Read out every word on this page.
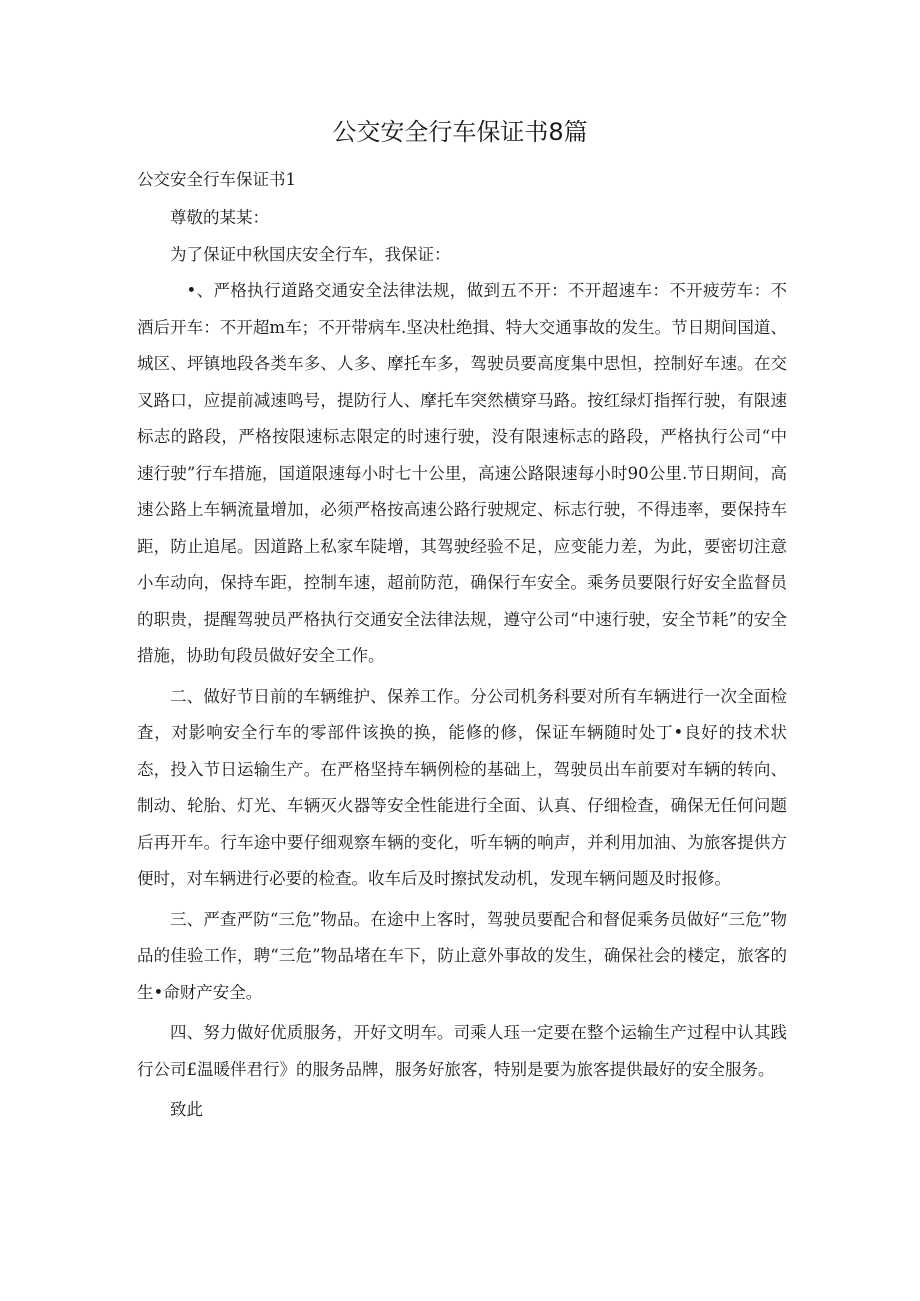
公交安全行车保证书8篇
公交安全行车保证书1

尊敬的某某：

为了保证中秋国庆安全行车，我保证：

•、严格执行道路交通安全法律法规，做到五不开：不开超速车：不开疲劳车：不酒后开车：不开超m车；不开带病车.坚决杜绝揖、特大交通事故的发生。节日期间国道、城区、坪镇地段各类车多、人多、摩托车多，驾驶员要高度集中思怛，控制好车速。在交叉路口，应提前减速鸣号，提防行人、摩托车突然横穿马路。按红绿灯指挥行驶，有限速标志的路段，严格按限速标志限定的时速行驶，没有限速标志的路段，严格执行公司“中速行驶”行车措施，国道限速每小时七十公里，高速公路限速每小时90公里.节日期间，高速公路上车辆流量增加，必须严格按高速公路行驶规定、标志行驶，不得违率，要保持车距，防止追尾。因道路上私家车陡增，其驾驶经验不足，应变能力差，为此，要密切注意小车动向，保持车距，控制车速，超前防范，确保行车安全。乘务员要限行好安全监督员的职贵，提醒驾驶员严格执行交通安全法律法规，遵守公司“中速行驶，安全节耗”的安全措施，协助旬段员做好安全工作。

二、做好节日前的车辆维护、保养工作。分公司机务科要对所有车辆进行一次全面检査，对影响安全行车的零部件该换的换，能修的修，保证车辆随时处丁•良好的技术状态，投入节日运输生产。在严格坚持车辆例检的基础上，驾驶员出车前要对车辆的转向、制动、轮胎、灯光、车辆灭火器等安全性能进行全面、认真、仔细检查，确保无任何问题后再开车。行车途中要仔细观察车辆的变化，听车辆的响声，并利用加油、为旅客提供方便时，对车辆进行必要的检查。收车后及时擦拭发动机，发现车辆问题及时报修。

三、严查严防“三危”物品。在途中上客时，驾驶员要配合和督促乘务员做好“三危”物品的佳验工作，聘“三危”物品堵在车下，防止意外事故的发生，确保社会的楼定，旅客的生•命财产安全。

四、努力做好优质服务，开好文明车。司乘人珏一定要在整个运输生产过程中认其践行公司£温暖伴君行》的服务品牌，服务好旅客，特别是要为旅客提供最好的安全服务。

致此
